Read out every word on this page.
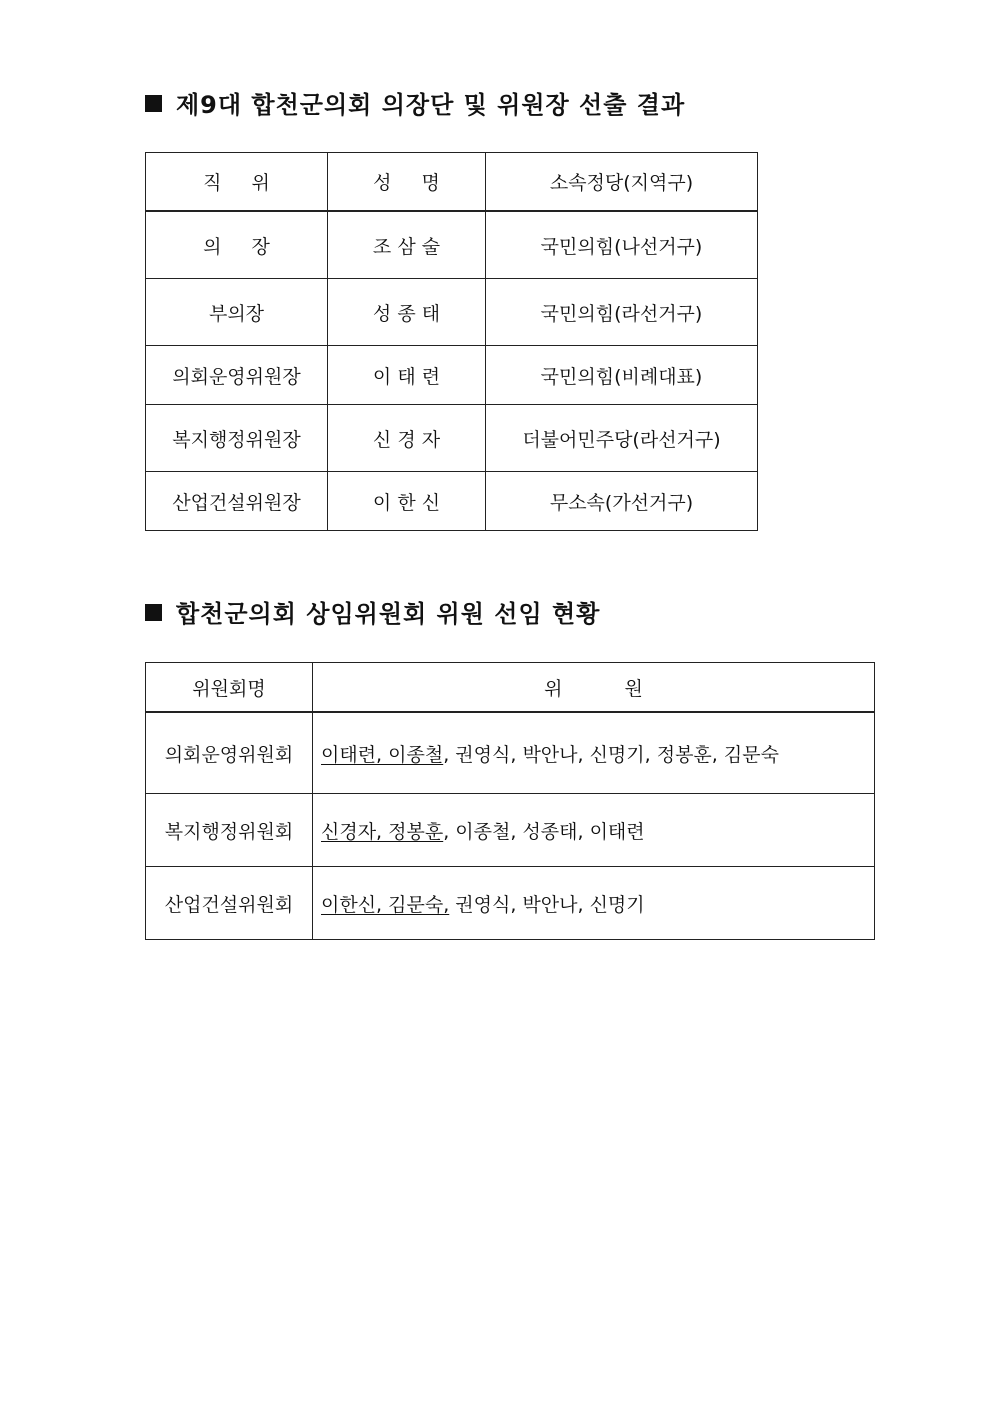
제9대 합천군의회 의장단 및 위원장 선출 결과
직 위	성 명	소속정당(지역구)
의 장	조 삼 술	국민의힘(나선거구)
부의장	성 종 태	국민의힘(라선거구)
의회운영위원장	이 태 련	국민의힘(비례대표)
복지행정위원장	신 경 자	더불어민주당(라선거구)
산업건설위원장	이 한 신	무소속(가선거구)
합천군의회 상임위원회 위원 선임 현황
위원회명	위 원
의회운영위원회	이태련, 이종철, 권영식, 박안나, 신명기, 정봉훈, 김문숙
복지행정위원회	신경자, 정봉훈, 이종철, 성종태, 이태련
산업건설위원회	이한신, 김문숙, 권영식, 박안나, 신명기
